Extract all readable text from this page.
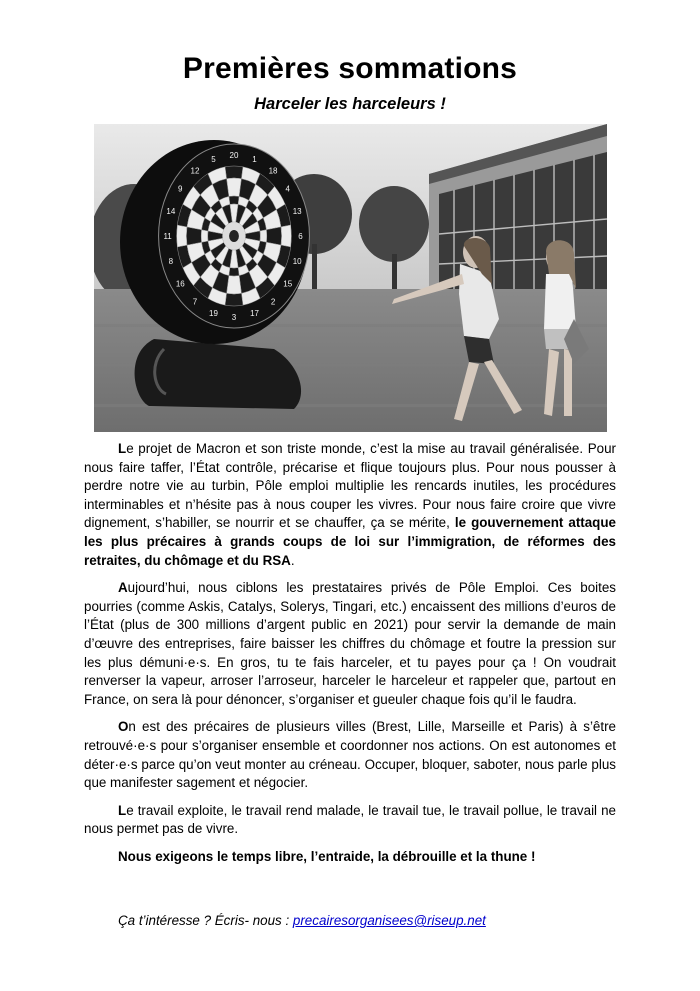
Premières sommations
Harceler les harceleurs !
20 1
18
4
13
6
10
15
2
17
3
19
7
16
8
11
14
9
12
5

Le projet de Macron et son triste monde, c’est la mise au travail généralisée. Pour nous faire taffer, l’État contrôle, précarise et flique toujours plus. Pour nous pousser à perdre notre vie au turbin, Pôle emploi multiplie les rencards inutiles, les procédures interminables et n’hésite pas à nous couper les vivres. Pour nous faire croire que vivre dignement, s’habiller, se nourrir et se chauffer, ça se mérite, le gouvernement attaque les plus précaires à grands coups de loi sur l’immigration, de réformes des retraites, du chômage et du RSA.

Aujourd’hui, nous ciblons les prestataires privés de Pôle Emploi. Ces boites pourries (comme Askis, Catalys, Solerys, Tingari, etc.) encaissent des millions d’euros de l’État (plus de 300 millions d’argent public en 2021) pour servir la demande de main d’œuvre des entreprises, faire baisser les chiffres du chômage et foutre la pression sur les plus démuni·e·s. En gros, tu te fais harceler, et tu payes pour ça ! On voudrait renverser la vapeur, arroser l’arroseur, harceler le harceleur et rappeler que, partout en France, on sera là pour dénoncer, s’organiser et gueuler chaque fois qu’il le faudra.

On est des précaires de plusieurs villes (Brest, Lille, Marseille et Paris) à s’être retrouvé·e·s pour s’organiser ensemble et coordonner nos actions. On est autonomes et déter·e·s parce qu’on veut monter au créneau. Occuper, bloquer, saboter, nous parle plus que manifester sagement et négocier.

Le travail exploite, le travail rend malade, le travail tue, le travail pollue, le travail ne nous permet pas de vivre.

Nous exigeons le temps libre, l’entraide, la débrouille et la thune !

Ça t’intéresse ? Écris- nous : precairesorganisees@riseup.net
